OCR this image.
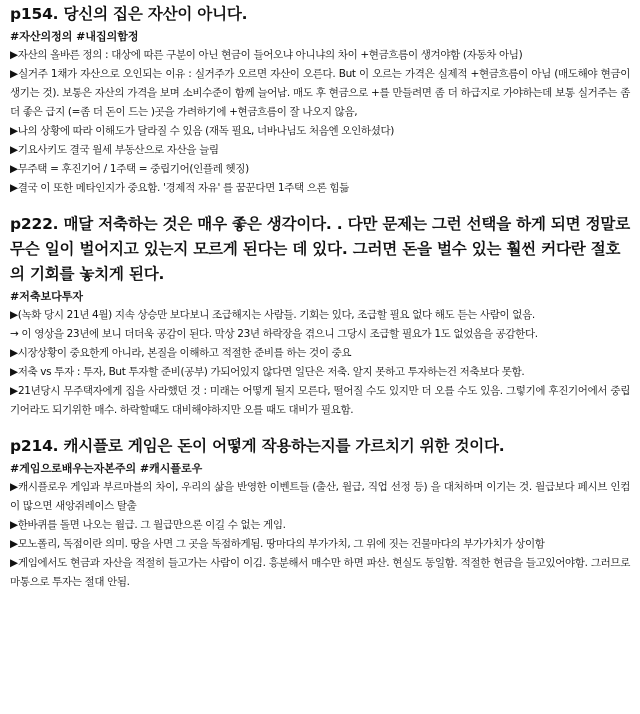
p154. 당신의 집은 자산이 아니다.
#자산의정의 #내집의함정

▶자산의 올바른 정의 : 대상에 따른 구분이 아닌 현금이 들어오냐 아니냐의 차이 +현금흐름이 생겨야함 (자동차 아님)

▶실거주 1채가 자산으로 오인되는 이유 : 실거주가 오르면 자산이 오른다. But 이 오르는 가격은 실제적 +현금흐름이 아님 (매도해야 현금이 생기는 것). 보통은 자산의 가격을 보며 소비수준이 함께 늘어남. 매도 후 현금으로 +를 만들려면 좀 더 하급지로 가야하는데 보통 실거주는 좀더 좋은 급지 (=좀 더 돈이 드는 )곳을 가려하기에 +현금흐름이 잘 나오지 않음,

▶나의 상황에 따라 이해도가 달라질 수 있음 (재독 필요, 너바나님도 처음엔 오인하셨다)

▶기요사키도 결국 월세 부동산으로 자산을 늘림

▶무주택 = 후진기어 / 1주택 = 중립기어(인플레 헷징)

▶결국 이 또한 메타인지가 중요함. '경제적 자유' 를 꿈꾼다면 1주택 으론 힘듦

p222. 매달 저축하는 것은 매우 좋은 생각이다. . 다만 문제는 그런 선택을 하게 되면 정말로 무슨 일이 벌어지고 있는지 모르게 된다는 데 있다. 그러면 돈을 벌수 있는 훨씬 커다란 절호의 기회를 놓치게 된다.
#저축보다투자

▶(녹화 당시 21년 4월) 지속 상승만 보다보니 조급해지는 사람들. 기회는 있다, 조급할 필요 없다 해도 듣는 사람이 없음.

→ 이 영상을 23년에 보니 더더욱 공감이 된다. 막상 23년 하락장을 겪으니 그당시 조급할 필요가 1도 없었음을 공감한다.

▶시장상황이 중요한게 아니라, 본질을 이해하고 적절한 준비를 하는 것이 중요

▶저축 vs 투자 : 투자, But 투자할 준비(공부) 가되어있지 않다면 일단은 저축. 알지 못하고 투자하는건 저축보다 못함.

▶21년당시 무주택자에게 집을 사라했던 것 : 미래는 어떻게 될지 모른다, 떨어질 수도 있지만 더 오를 수도 있음. 그렇기에 후진기어에서 중립기어라도 되기위한 매수. 하락할때도 대비해야하지만 오를 때도 대비가 필요함.

p214. 캐시플로 게임은 돈이 어떻게 작용하는지를 가르치기 위한 것이다.
#게임으로배우는자본주의 #캐시플로우

▶캐시플로우 게임과 부르마블의 차이, 우리의 삶을 반영한 이벤트들 (출산, 월급, 직업 선정 등) 을 대처하며 이기는 것. 월급보다 페시브 인컴이 많으면 새앙쥐레이스 탈출

▶한바퀴를 돌면 나오는 월급. 그 월급만으론 이길 수 없는 게임.

▶모노폴리, 독점이란 의미. 땅을 사면 그 곳을 독점하게됨. 땅마다의 부가가치, 그 위에 짓는 건물마다의 부가가치가 상이함

▶게임에서도 현금과 자산을 적절히 들고가는 사람이 이김. 흥분해서 매수만 하면 파산. 현실도 동일함. 적절한 현금을 들고있어야함. 그러므로 마통으로 투자는 절대 안됨.
